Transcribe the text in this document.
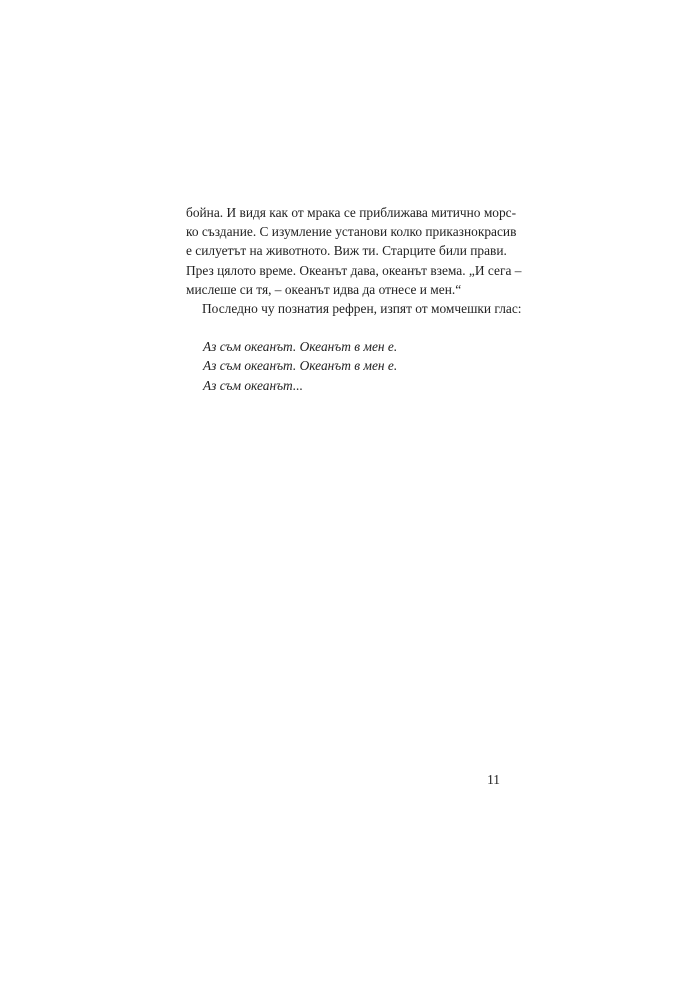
бойна. И видя как от мрака се приближава митично морс-
ко създание. С изумление установи колко приказнокрасив
е силуетът на животното. Виж ти. Старците били прави.
През цялото време. Океанът дава, океанът взема. „И сега –
мислеше си тя, – океанът идва да отнесе и мен.“

Последно чу познатия рефрен, изпят от момчешки глас:

Аз съм океанът. Океанът в мен е.
Аз съм океанът. Океанът в мен е.
Аз съм океанът...

11
